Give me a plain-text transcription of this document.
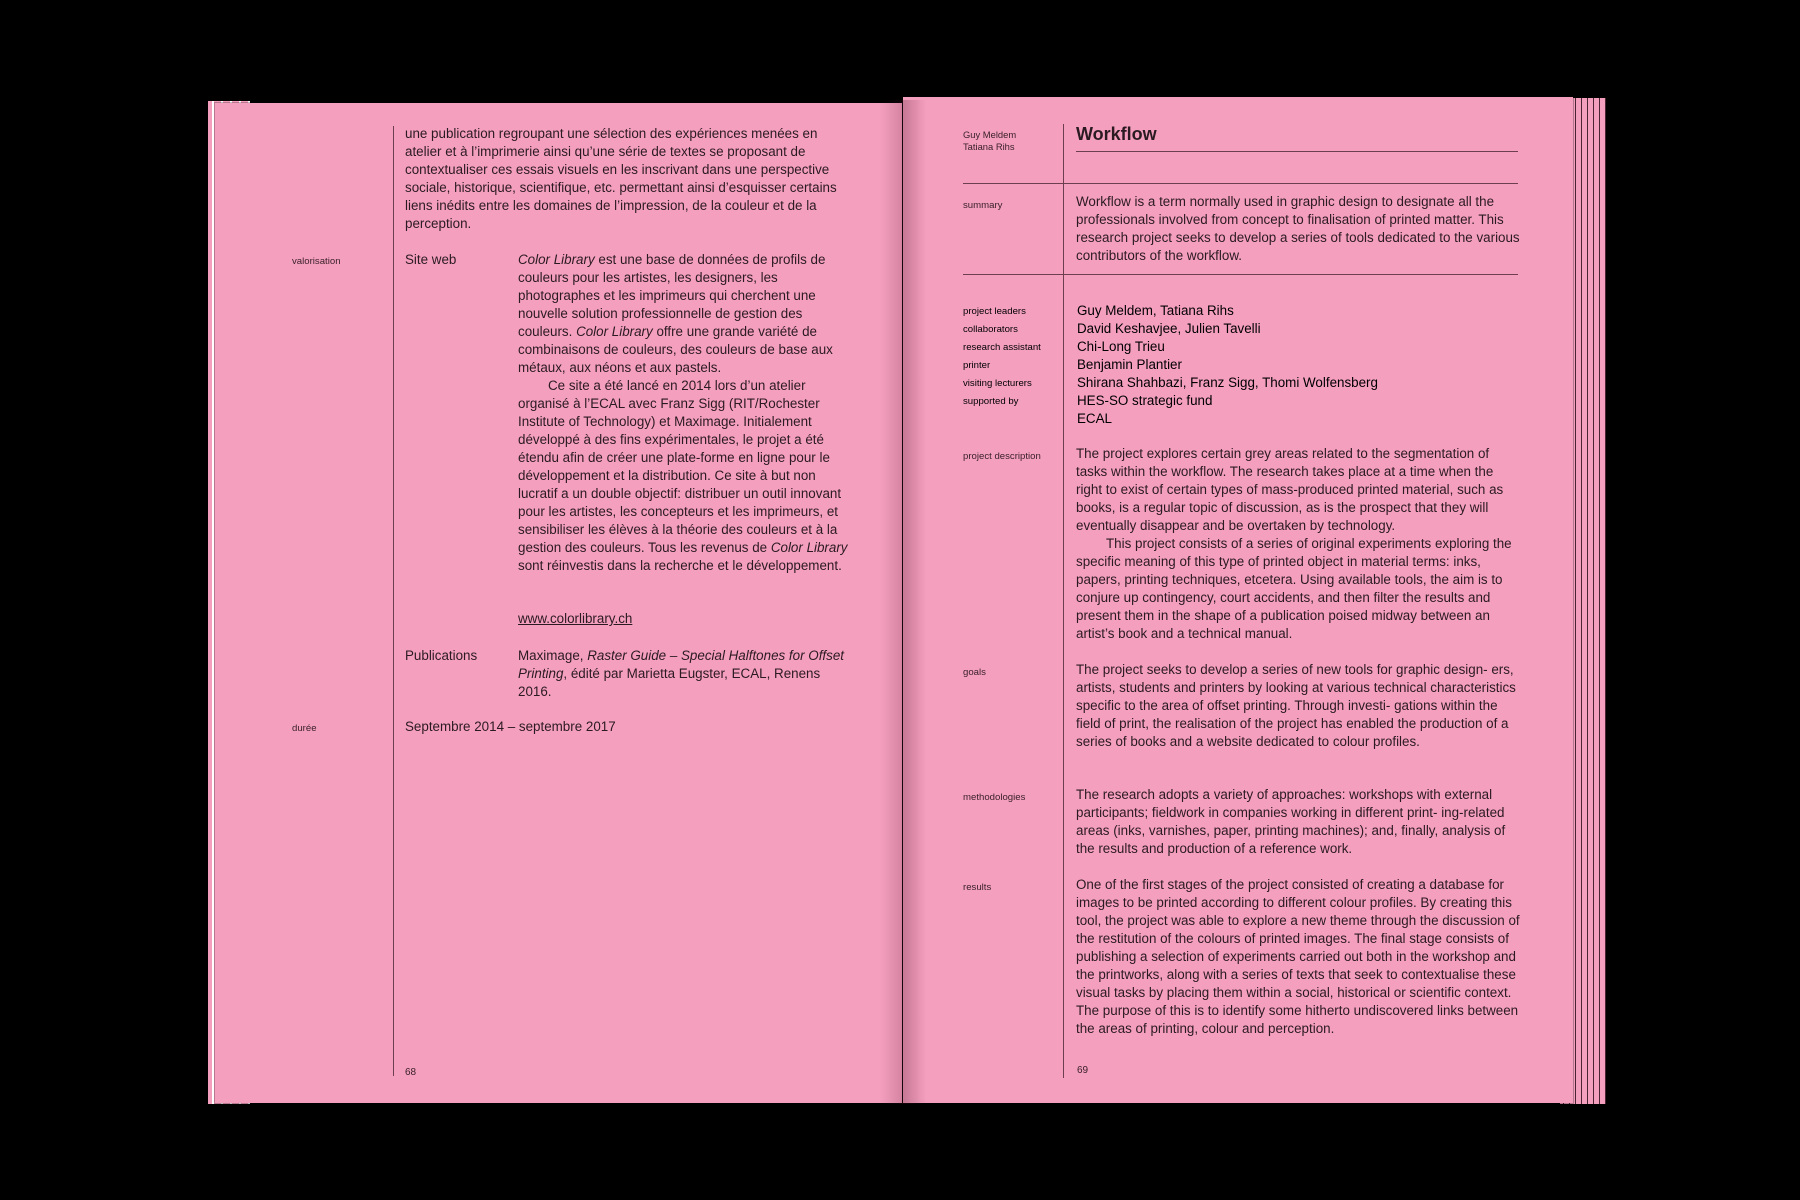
une publication regroupant une sélection des expériences menées en atelier et à l’imprimerie ainsi qu’une série de textes se proposant de contextualiser ces essais visuels en les inscrivant dans une perspective sociale, historique, scientifique, etc. permettant ainsi d’esquisser certains liens inédits entre les domaines de l’impression, de la couleur et de la perception.

valorisation	Site web	Color Library est une base de données de profils de couleurs pour les artistes, les designers, les photographes et les imprimeurs qui cherchent une nouvelle solution professionnelle de gestion des couleurs. Color Library offre une grande variété de combinaisons de couleurs, des couleurs de base aux métaux, aux néons et aux pastels.

Ce site a été lancé en 2014 lors d’un atelier organisé à l’ECAL avec Franz Sigg (RIT/Rochester Institute of Technology) et Maximage. Initialement développé à des fins expérimentales, le projet a été étendu afin de créer une plate-forme en ligne pour le développement et la distribution. Ce site à but non lucratif a un double objectif: distribuer un outil innovant pour les artistes, les concepteurs et les imprimeurs, et sensibiliser les élèves à la théorie des couleurs et à la gestion des couleurs. Tous les revenus de Color Library sont réinvestis dans la recherche et le développement.

www.colorlibrary.ch
Publications	Maximage, Raster Guide – Special Halftones for Offset Printing, édité par Marietta Eugster, ECAL, Renens 2016.

durée	Septembre 2014 – septembre 2017
68
Guy Meldem
Tatiana Rihs
Workflow
summary	Workflow is a term normally used in graphic design to designate all the professionals involved from concept to finalisation of printed matter. This research project seeks to develop a series of tools dedicated to the various contributors of the workflow.

project leaders	Guy Meldem, Tatiana Rihs
collaborators	David Keshavjee, Julien Tavelli
research assistant	Chi-Long Trieu
printer	Benjamin Plantier
visiting lecturers	Shirana Shahbazi, Franz Sigg, Thomi Wolfensberg
supported by	HES-SO strategic fund
ECAL
project description	The project explores certain grey areas related to the segmentation of tasks within the workflow. The research takes place at a time when the right to exist of certain types of mass-produced printed material, such as books, is a regular topic of discussion, as is the prospect that they will eventually disappear and be overtaken by technology.

This project consists of a series of original experiments exploring the specific meaning of this type of printed object in material terms: inks, papers, printing techniques, etcetera. Using available tools, the aim is to conjure up contingency, court accidents, and then filter the results and present them in the shape of a publication poised midway between an artist’s book and a technical manual.

goals	The project seeks to develop a series of new tools for graphic design- ers, artists, students and printers by looking at various technical characteristics specific to the area of offset printing. Through investi- gations within the field of print, the realisation of the project has enabled the production of a series of books and a website dedicated to colour profiles.

methodologies	The research adopts a variety of approaches: workshops with external participants; fieldwork in companies working in different print- ing-related areas (inks, varnishes, paper, printing machines); and, finally, analysis of the results and production of a reference work.

results	One of the first stages of the project consisted of creating a database for images to be printed according to different colour profiles. By creating this tool, the project was able to explore a new theme through the discussion of the restitution of the colours of printed images. The final stage consists of publishing a selection of experiments carried out both in the workshop and the printworks, along with a series of texts that seek to contextualise these visual tasks by placing them within a social, historical or scientific context. The purpose of this is to identify some hitherto undiscovered links between the areas of printing, colour and perception.

69
